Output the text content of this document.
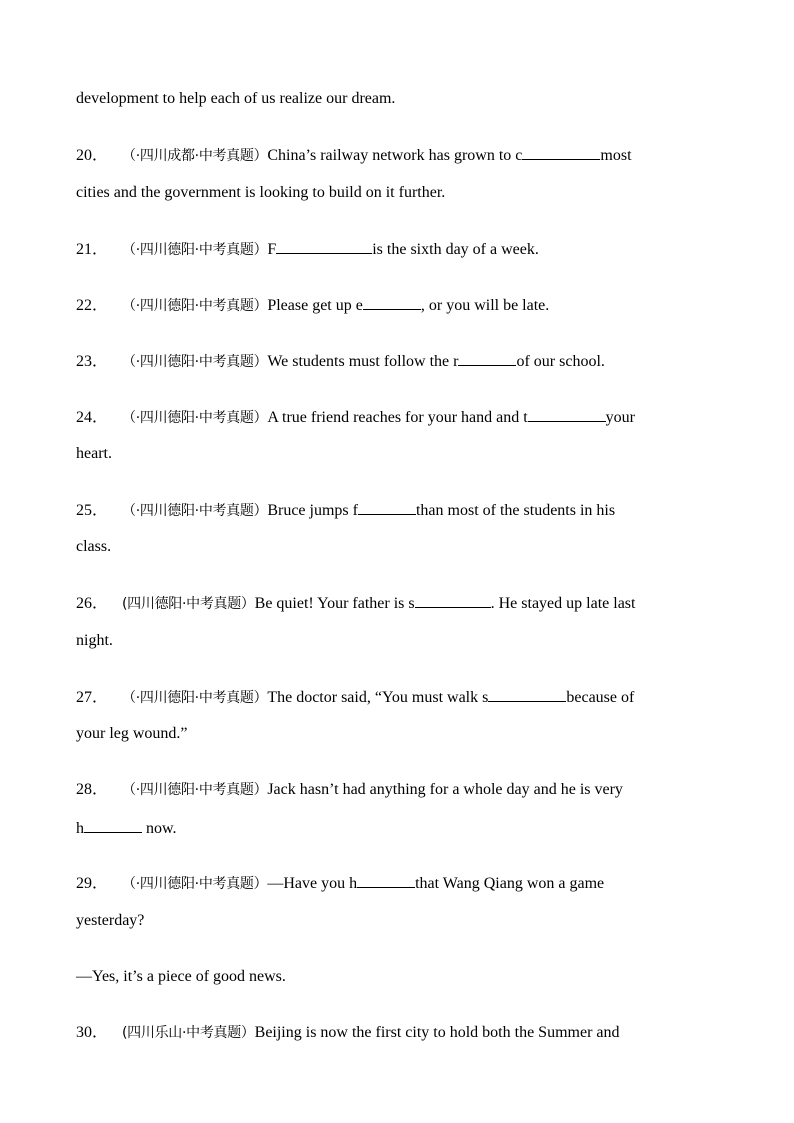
development to help each of us realize our dream.
20． （·四川成都·中考真题）China’s railway network has grown to c	most
cities and the government is looking to build on it further.
21． （·四川德阳·中考真题）F	is the sixth day of a week.
22． （·四川德阳·中考真题）Please get up e	, or you will be late.
23． （·四川德阳·中考真题）We students must follow the r	of our school.
24． （·四川德阳·中考真题）A true friend reaches for your hand and t	your
heart.
25． （·四川德阳·中考真题）Bruce jumps f	than most of the students in his
class.
26． (四川德阳·中考真题）Be quiet! Your father is s	. He stayed up late last
night.
27． （·四川德阳·中考真题）The doctor said, “You must walk s	because of
your leg wound.”
28． （·四川德阳·中考真题）Jack hasn’t had anything for a whole day and he is very
h	now.
29． （·四川德阳·中考真题）—Have you h	that Wang Qiang won a game
yesterday?
—Yes, it’s a piece of good news.
30． (四川乐山·中考真题）Beijing is now the first city to hold both the Summer and
